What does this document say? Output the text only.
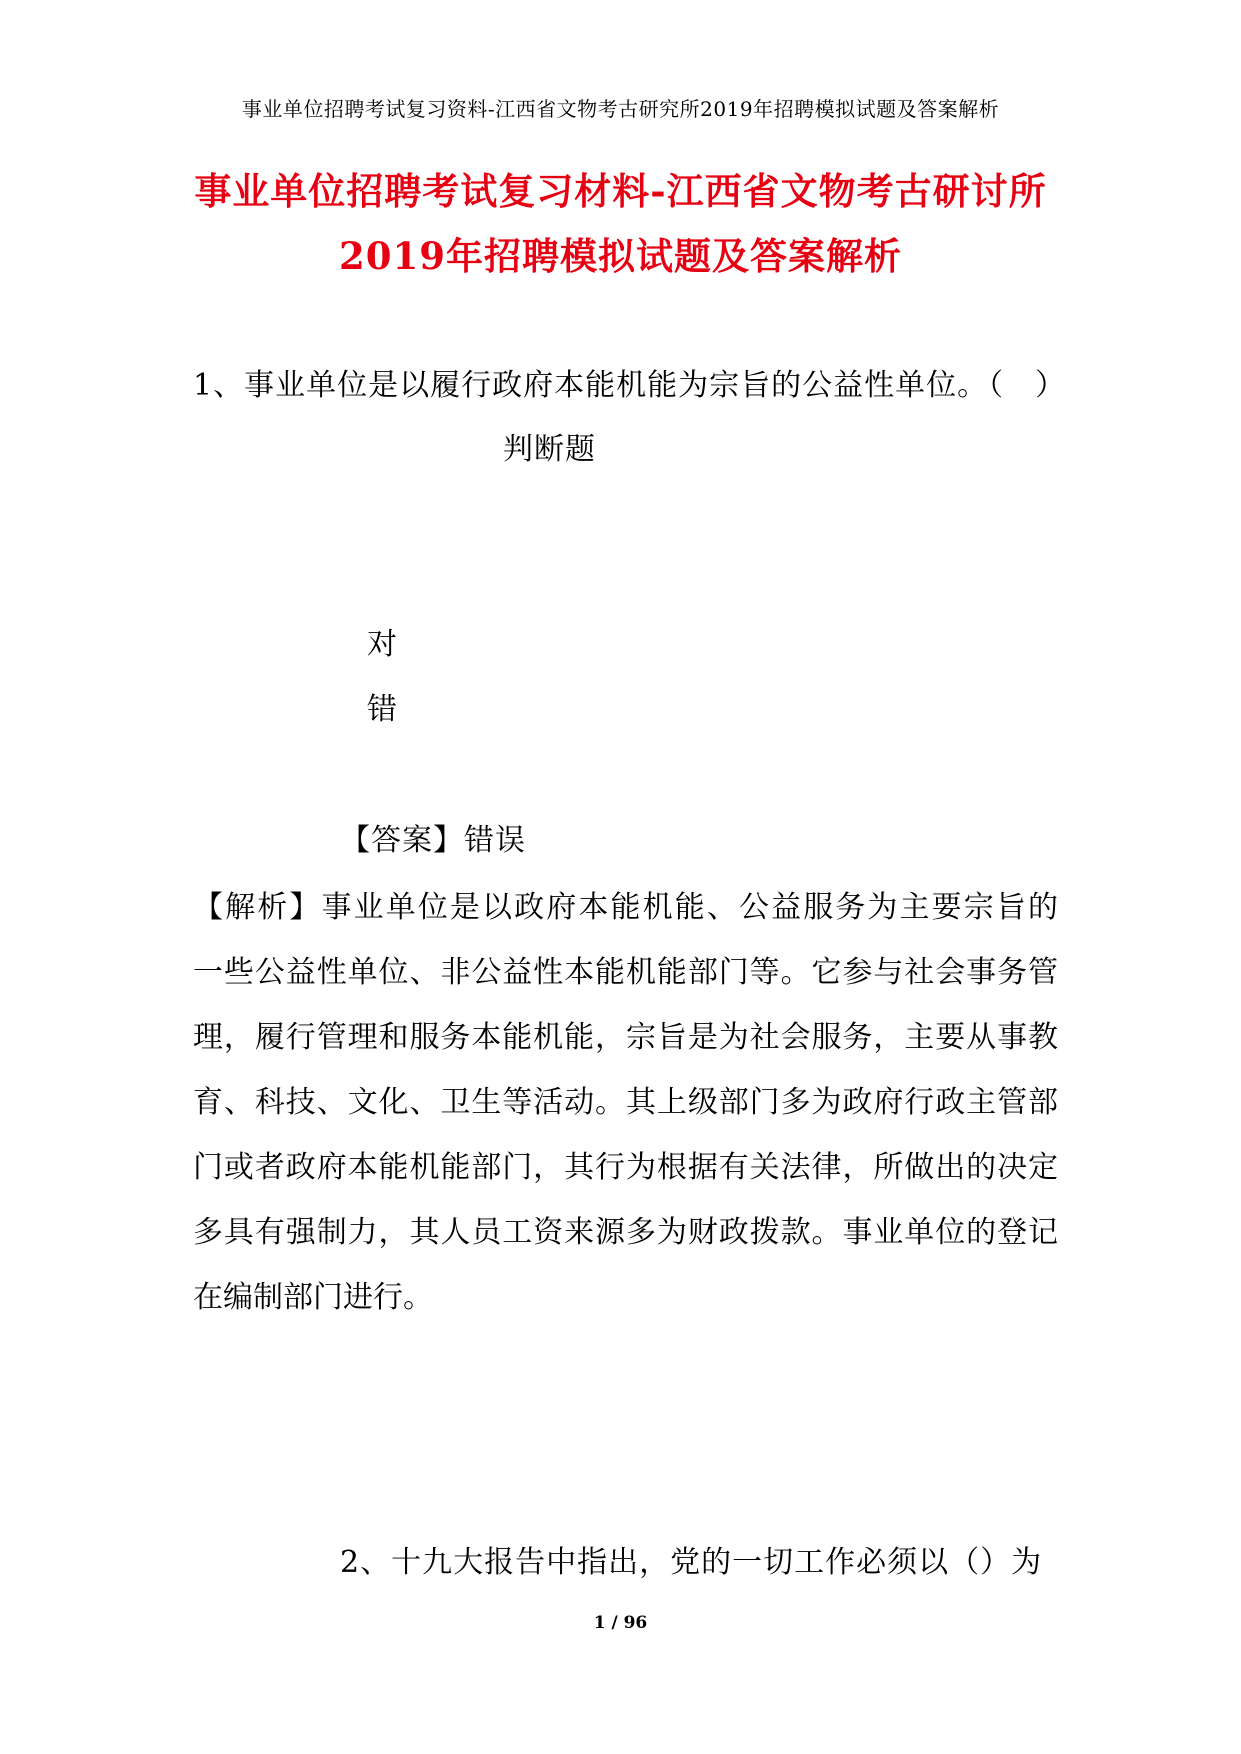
事业单位招聘考试复习资料-江西省文物考古研究所2019年招聘模拟试题及答案解析
事业单位招聘考试复习材料-江西省文物考古研讨所
2019年招聘模拟试题及答案解析
1、事业单位是以履行政府本能机能为宗旨的公益性单位。（　）
判断题
对
错
【答案】错误
【解析】事业单位是以政府本能机能、公益服务为主要宗旨的
一些公益性单位、非公益性本能机能部门等。它参与社会事务管
理，履行管理和服务本能机能，宗旨是为社会服务，主要从事教
育、科技、文化、卫生等活动。其上级部门多为政府行政主管部
门或者政府本能机能部门，其行为根据有关法律，所做出的决定
多具有强制力，其人员工资来源多为财政拨款。事业单位的登记
在编制部门进行。
2、十九大报告中指出，党的一切工作必须以（）为
1 / 96
